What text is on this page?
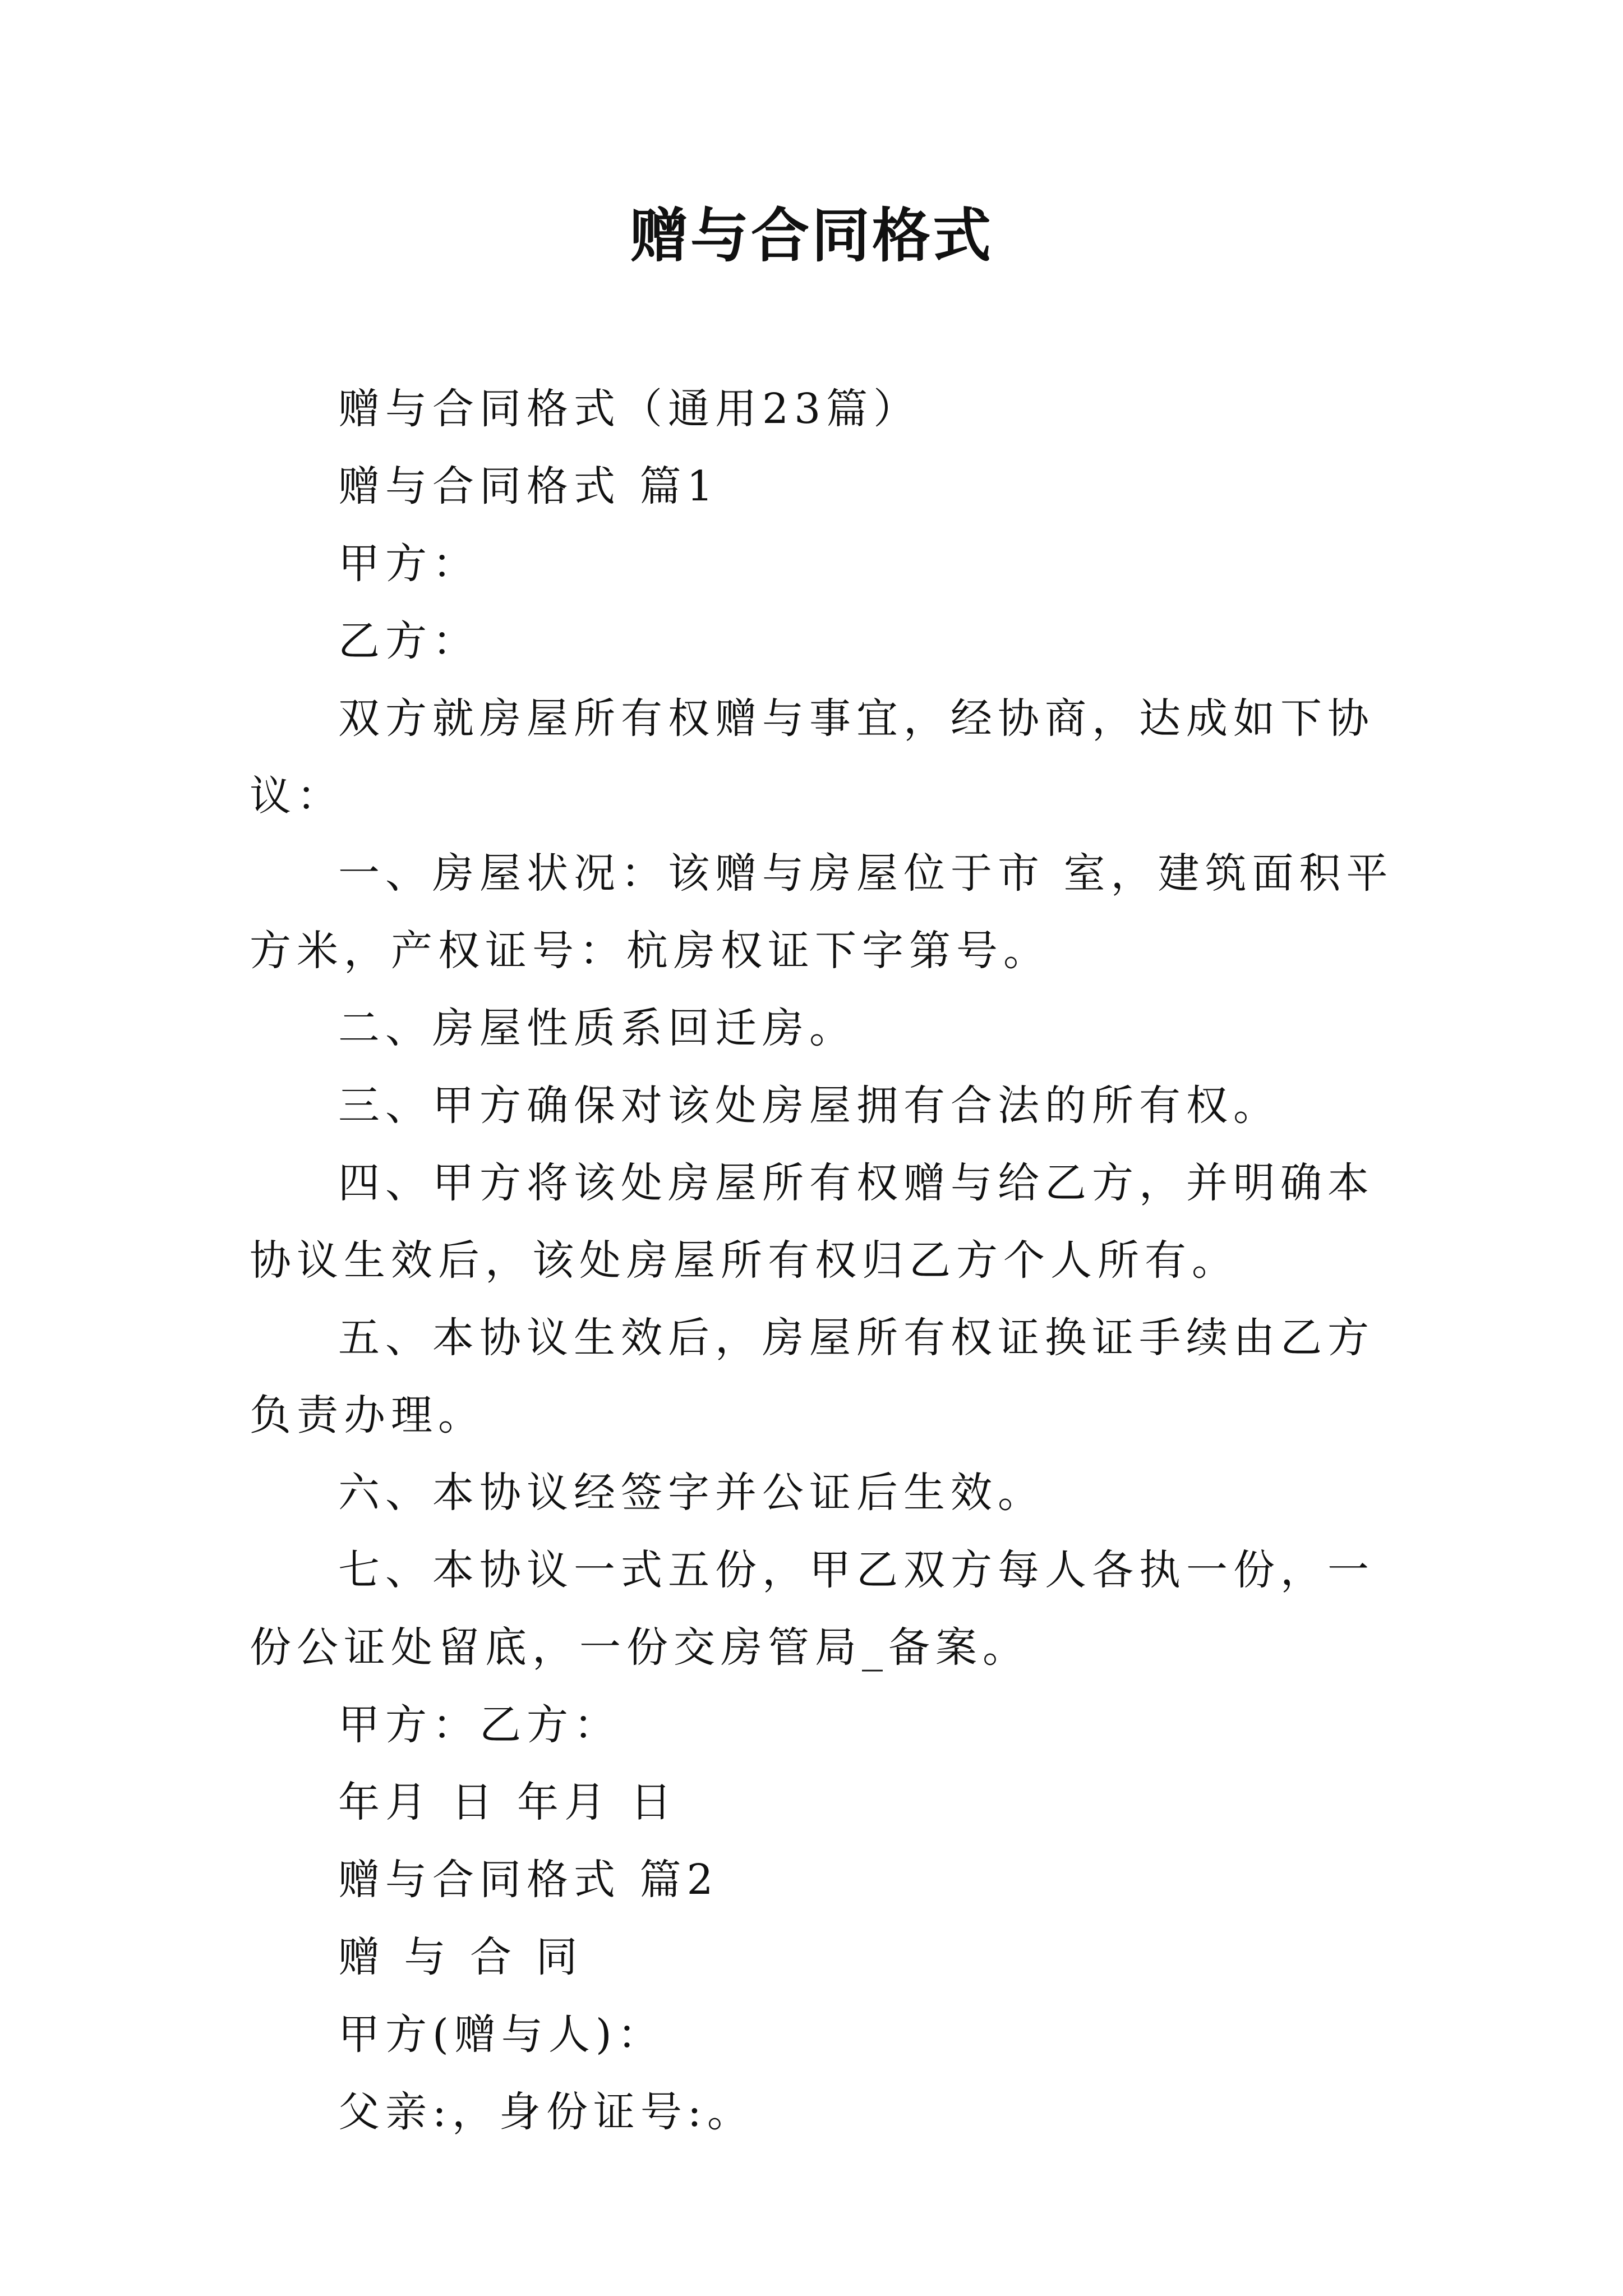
赠与合同格式

赠与合同格式（通用23篇）

赠与合同格式 篇1

甲方：

乙方：

双方就房屋所有权赠与事宜，经协商，达成如下协议：

一、房屋状况：该赠与房屋位于市 室，建筑面积平方米，产权证号：杭房权证下字第号。

二、房屋性质系回迁房。

三、甲方确保对该处房屋拥有合法的所有权。

四、甲方将该处房屋所有权赠与给乙方，并明确本协议生效后，该处房屋所有权归乙方个人所有。

五、本协议生效后，房屋所有权证换证手续由乙方负责办理。

六、本协议经签字并公证后生效。

七、本协议一式五份，甲乙双方每人各执一份，一份公证处留底，一份交房管局_备案。

甲方：乙方：

年月 日 年月 日

赠与合同格式 篇2

赠 与 合 同

甲方(赠与人)：

父亲:，身份证号:。
